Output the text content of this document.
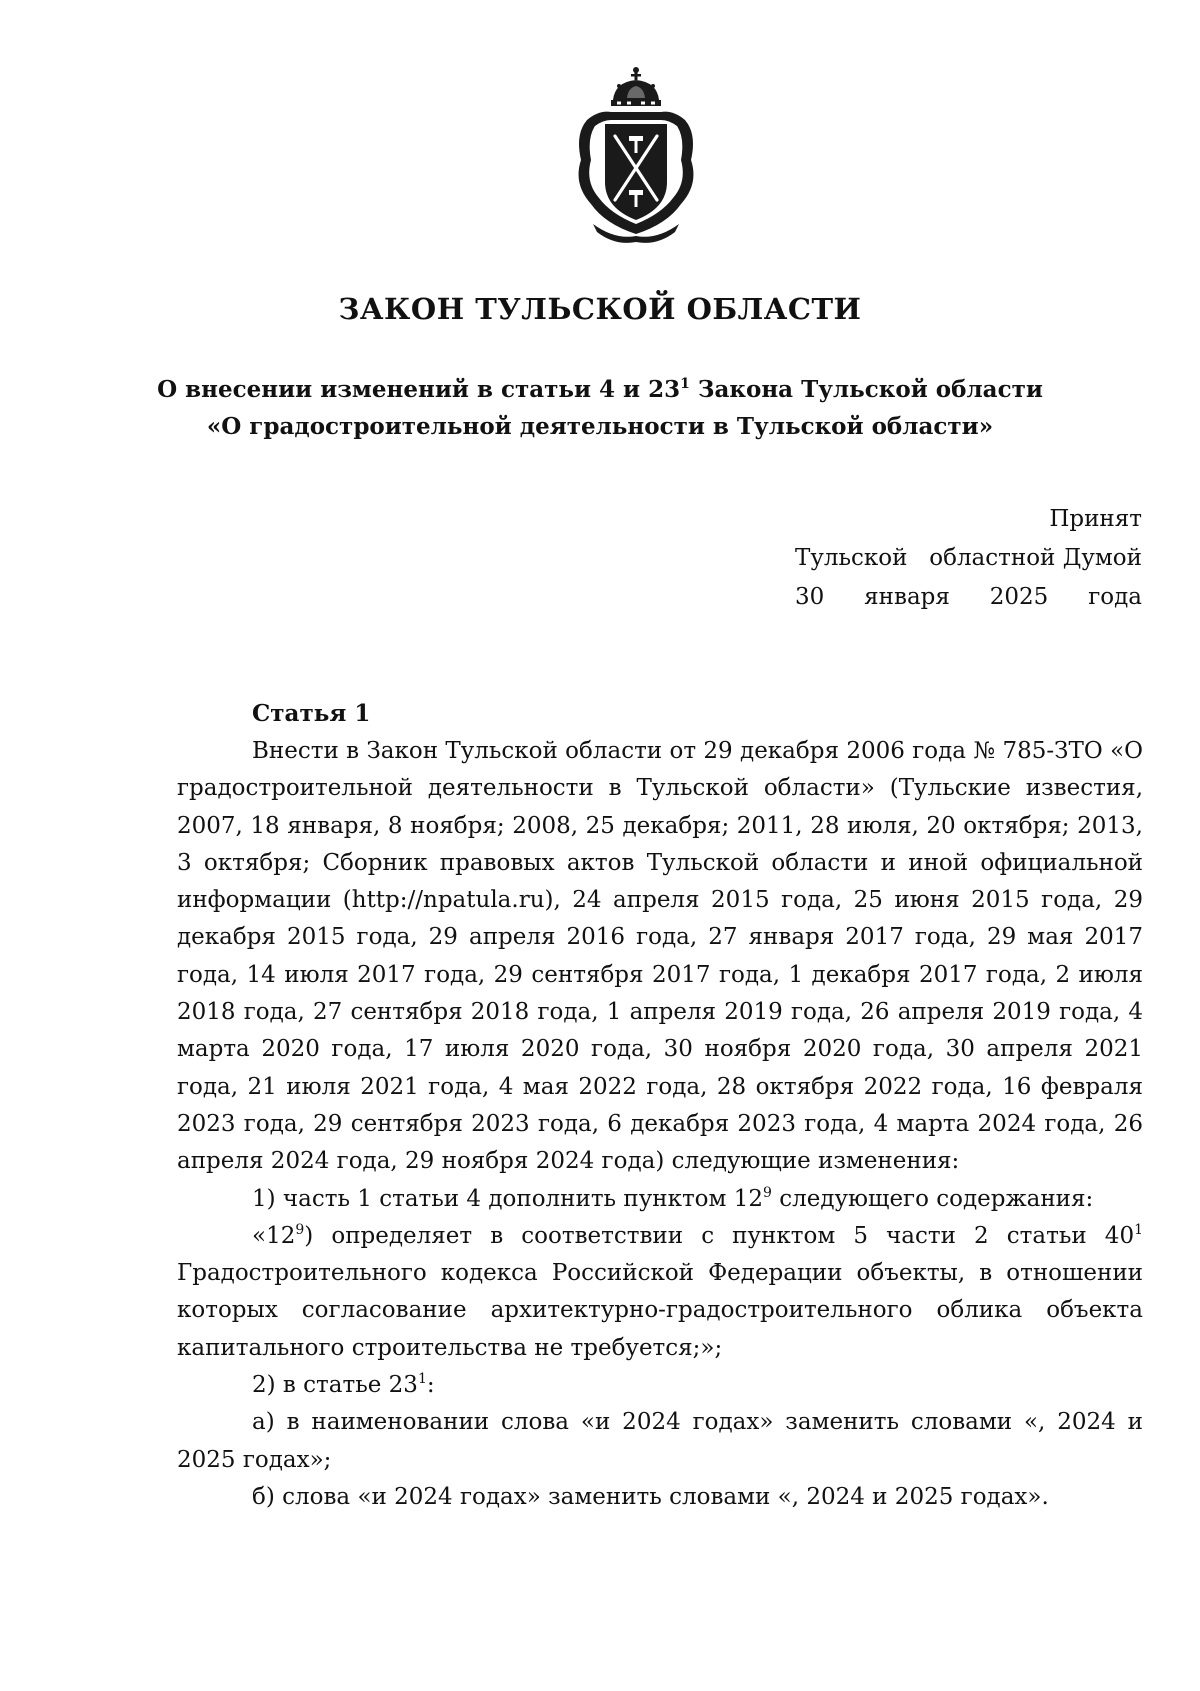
ЗАКОН ТУЛЬСКОЙ ОБЛАСТИ
О внесении изменений в статьи 4 и $23^1$ Закона Тульской области
«О градостроительной деятельности в Тульской области»
Принят
Тульской областной Думой
30 января 2025 года
Статья 1

Внести в Закон Тульской области от 29 декабря 2006 года № 785-ЗТО «О градостроительной деятельности в Тульской области» (Тульские известия, 2007, 18 января, 8 ноября; 2008, 25 декабря; 2011, 28 июля, 20 октября; 2013, 3 октября; Сборник правовых актов Тульской области и иной официальной информации (http://npatula.ru), 24 апреля 2015 года, 25 июня 2015 года, 29 декабря 2015 года, 29 апреля 2016 года, 27 января 2017 года, 29 мая 2017 года, 14 июля 2017 года, 29 сентября 2017 года, 1 декабря 2017 года, 2 июля 2018 года, 27 сентября 2018 года, 1 апреля 2019 года, 26 апреля 2019 года, 4 марта 2020 года, 17 июля 2020 года, 30 ноября 2020 года, 30 апреля 2021 года, 21 июля 2021 года, 4 мая 2022 года, 28 октября 2022 года, 16 февраля 2023 года, 29 сентября 2023 года, 6 декабря 2023 года, 4 марта 2024 года, 26 апреля 2024 года, 29 ноября 2024 года) следующие изменения:

1) часть 1 статьи 4 дополнить пунктом $12^9$ следующего содержания:

«$12^9$) определяет в соответствии с пунктом 5 части 2 статьи $40^1$ Градостроительного кодекса Российской Федерации объекты, в отношении которых согласование архитектурно-градостроительного облика объекта капитального строительства не требуется;»;

2) в статье $23^1$:

а) в наименовании слова «и 2024 годах» заменить словами «, 2024 и 2025 годах»;

б) слова «и 2024 годах» заменить словами «, 2024 и 2025 годах».
